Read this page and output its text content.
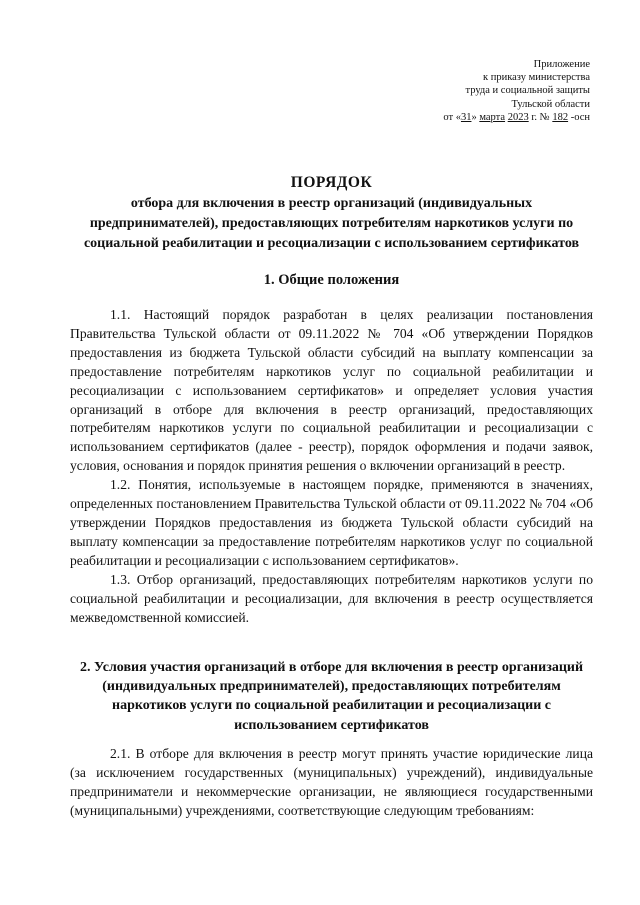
Приложение
к приказу министерства
труда и социальной защиты
Тульской области
от «31» марта 2023 г. № 182 -осн
ПОРЯДОК
отбора для включения в реестр организаций (индивидуальных предпринимателей), предоставляющих потребителям наркотиков услуги по социальной реабилитации и ресоциализации с использованием сертификатов
1. Общие положения

1.1. Настоящий порядок разработан в целях реализации постановления Правительства Тульской области от 09.11.2022 № 704 «Об утверждении Порядков предоставления из бюджета Тульской области субсидий на выплату компенсации за предоставление потребителям наркотиков услуг по социальной реабилитации и ресоциализации с использованием сертификатов» и определяет условия участия организаций в отборе для включения в реестр организаций, предоставляющих потребителям наркотиков услуги по социальной реабилитации и ресоциализации с использованием сертификатов (далее - реестр), порядок оформления и подачи заявок, условия, основания и порядок принятия решения о включении организаций в реестр.

1.2. Понятия, используемые в настоящем порядке, применяются в значениях, определенных постановлением Правительства Тульской области от 09.11.2022 № 704 «Об утверждении Порядков предоставления из бюджета Тульской области субсидий на выплату компенсации за предоставление потребителям наркотиков услуг по социальной реабилитации и ресоциализации с использованием сертификатов».

1.3. Отбор организаций, предоставляющих потребителям наркотиков услуги по социальной реабилитации и ресоциализации, для включения в реестр осуществляется межведомственной комиссией.

2. Условия участия организаций в отборе для включения в реестр организаций (индивидуальных предпринимателей), предоставляющих потребителям наркотиков услуги по социальной реабилитации и ресоциализации с использованием сертификатов

2.1. В отборе для включения в реестр могут принять участие юридические лица (за исключением государственных (муниципальных) учреждений), индивидуальные предприниматели и некоммерческие организации, не являющиеся государственными (муниципальными) учреждениями, соответствующие следующим требованиям:
